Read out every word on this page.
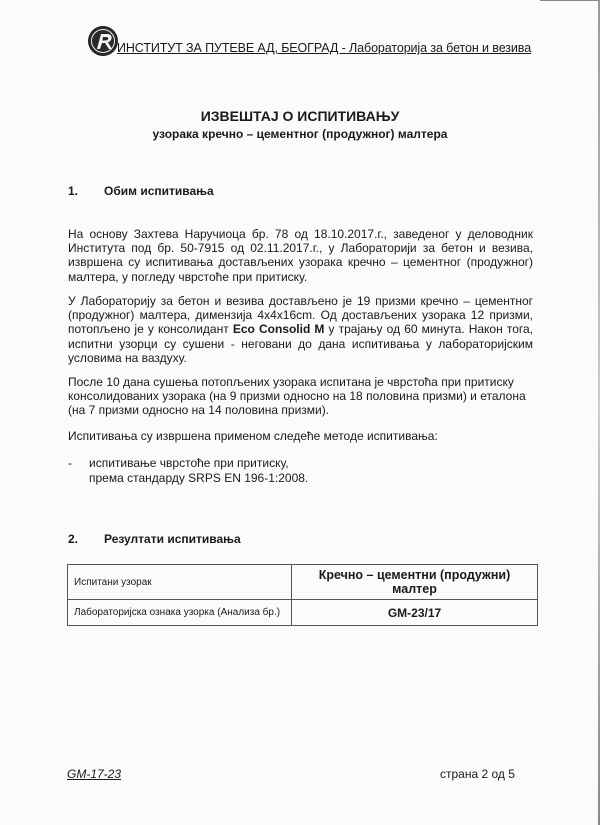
ИНСТИТУТ ЗА ПУТЕВЕ АД, БЕОГРАД - Лабораторија за бетон и везива
ИЗВЕШТАЈ О ИСПИТИВАЊУ
узорака кречно – цементног (продужног) малтера
1. Обим испитивања
На основу Захтева Наручиоца бр. 78 од 18.10.2017.г., заведеног у деловодник Института под бр. 50-7915 од 02.11.2017.г., у Лабораторији за бетон и везива, извршена су испитивања достављених узорака кречно – цементног (продужног) малтера, у погледу чврстоће при притиску.
У Лабораторију за бетон и везива достављено је 19 призми кречно – цементног (продужног) малтера, димензија 4x4x16cm. Од достављених узорака 12 призми, потопљено је у консолидант Eco Consolid M у трајању од 60 минута. Након тога, испитни узорци су сушени - неговани до дана испитивања у лабораторијским условима на ваздуху.
После 10 дана сушења потопљених узорака испитана је чврстоћа при притиску консолидованих узорака (на 9 призми односно на 18 половина призми) и еталона (на 7 призми односно на 14 половина призми).
Испитивања су извршена применом следеће методе испитивања:
- испитивање чврстоће при притиску,
према стандарду SRPS EN 196-1:2008.
2. Резултати испитивања
Испитани узорак	Кречно – цементни (продужни) малтер
Лабораторијска ознака узорка (Анализа бр.)	GM-23/17
GM-17-23	страна 2 од 5
